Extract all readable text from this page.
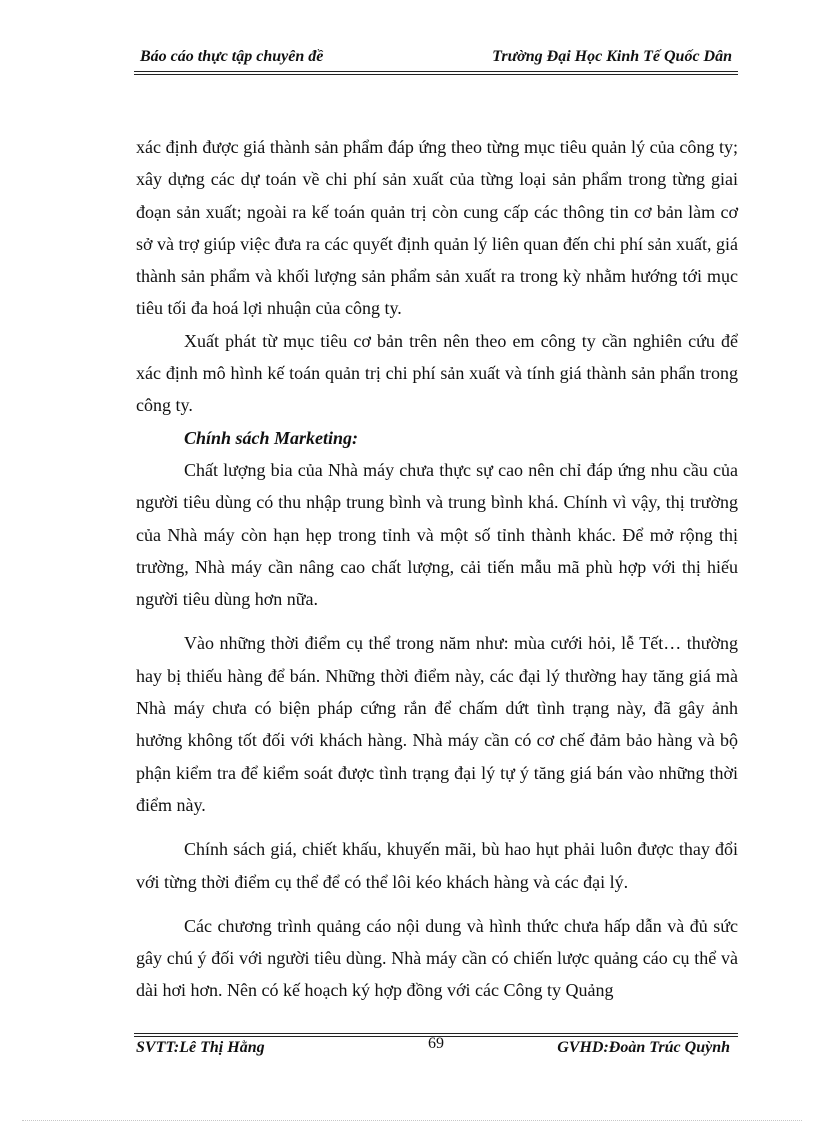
Báo cáo thực tập chuyên đề	Trường Đại Học Kinh Tế Quốc Dân

xác định được giá thành sản phẩm đáp ứng theo từng mục tiêu quản lý của công ty; xây dựng các dự toán về chi phí sản xuất của từng loại sản phẩm trong từng giai đoạn sản xuất; ngoài ra kế toán quản trị còn cung cấp các thông tin cơ bản làm cơ sở và trợ giúp việc đưa ra các quyết định quản lý liên quan đến chi phí sản xuất, giá thành sản phẩm và khối lượng sản phẩm sản xuất ra trong kỳ nhằm hướng tới mục tiêu tối đa hoá lợi nhuận của công ty.

Xuất phát từ mục tiêu cơ bản trên nên theo em công ty cần nghiên cứu để xác định mô hình kế toán quản trị chi phí sản xuất và tính giá thành sản phẩn trong công ty.

Chính sách Marketing:

Chất lượng bia của Nhà máy chưa thực sự cao nên chỉ đáp ứng nhu cầu của người tiêu dùng có thu nhập trung bình và trung bình khá. Chính vì vậy, thị trường của Nhà máy còn hạn hẹp trong tỉnh và một số tỉnh thành khác. Để mở rộng thị trường, Nhà máy cần nâng cao chất lượng, cải tiến mẫu mã phù hợp với thị hiếu người tiêu dùng hơn nữa.

Vào những thời điểm cụ thể trong năm như: mùa cưới hỏi, lễ Tết… thường hay bị thiếu hàng để bán. Những thời điểm này, các đại lý thường hay tăng giá mà Nhà máy chưa có biện pháp cứng rắn để chấm dứt tình trạng này, đã gây ảnh hưởng không tốt đối với khách hàng. Nhà máy cần có cơ chế đảm bảo hàng và bộ phận kiểm tra để kiểm soát được tình trạng đại lý tự ý tăng giá bán vào những thời điểm này.

Chính sách giá, chiết khấu, khuyến mãi, bù hao hụt phải luôn được thay đổi với từng thời điểm cụ thể để có thể lôi kéo khách hàng và các đại lý.

Các chương trình quảng cáo nội dung và hình thức chưa hấp dẫn và đủ sức gây chú ý đối với người tiêu dùng. Nhà máy cần có chiến lược quảng cáo cụ thể và dài hơi hơn. Nên có kế hoạch ký hợp đồng với các Công ty Quảng

SVTT:Lê Thị Hằng	69	GVHD:Đoàn Trúc Quỳnh
